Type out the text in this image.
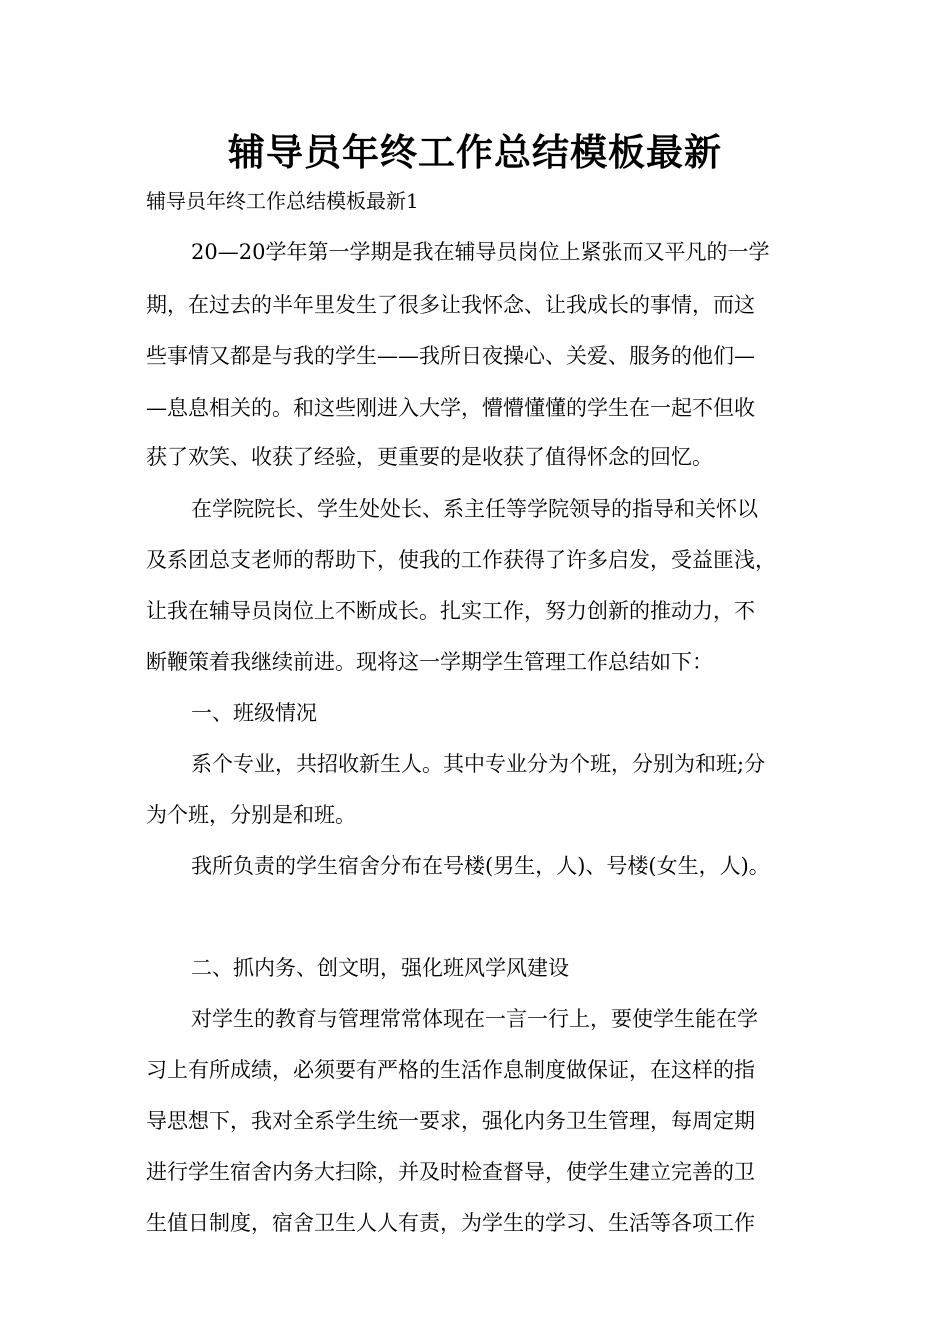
辅导员年终工作总结模板最新

辅导员年终工作总结模板最新1

20—20学年第一学期是我在辅导员岗位上紧张而又平凡的一学

期，在过去的半年里发生了很多让我怀念、让我成长的事情，而这

些事情又都是与我的学生——我所日夜操心、关爱、服务的他们—

—息息相关的。和这些刚进入大学，懵懵懂懂的学生在一起不但收

获了欢笑、收获了经验，更重要的是收获了值得怀念的回忆。

在学院院长、学生处处长、系主任等学院领导的指导和关怀以

及系团总支老师的帮助下，使我的工作获得了许多启发，受益匪浅，

让我在辅导员岗位上不断成长。扎实工作，努力创新的推动力，不

断鞭策着我继续前进。现将这一学期学生管理工作总结如下：

一、班级情况

系个专业，共招收新生人。其中专业分为个班，分别为和班;分

为个班，分别是和班。

我所负责的学生宿舍分布在号楼(男生，人)、号楼(女生，人)。

二、抓内务、创文明，强化班风学风建设

对学生的教育与管理常常体现在一言一行上，要使学生能在学

习上有所成绩，必须要有严格的生活作息制度做保证，在这样的指

导思想下，我对全系学生统一要求，强化内务卫生管理，每周定期

进行学生宿舍内务大扫除，并及时检查督导，使学生建立完善的卫

生值日制度，宿舍卫生人人有责，为学生的学习、生活等各项工作
